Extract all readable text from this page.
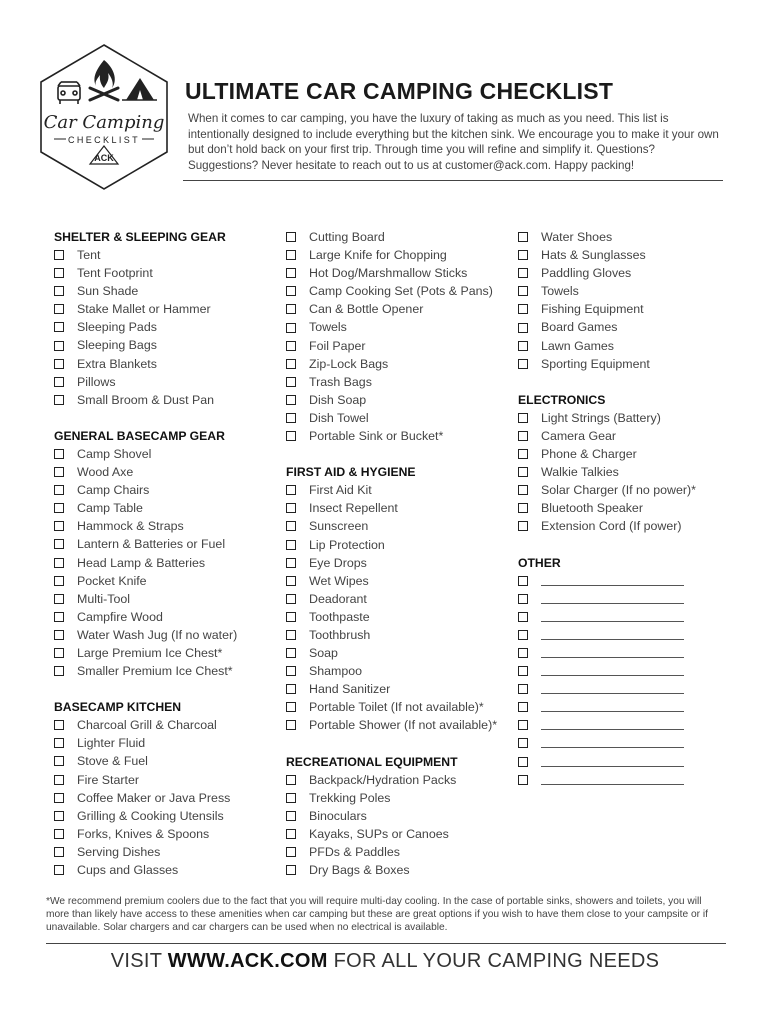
Car Camping
CHECKLIST
ACK
ULTIMATE CAR CAMPING CHECKLIST

When it comes to car camping, you have the luxury of taking as much as you need. This list is intentionally designed to include everything but the kitchen sink. We encourage you to make it your own but don’t hold back on your first trip. Through time you will refine and simplify it. Questions? Suggestions? Never hesitate to reach out to us at customer@ack.com. Happy packing!

SHELTER & SLEEPING GEAR
Tent
Tent Footprint
Sun Shade
Stake Mallet or Hammer
Sleeping Pads
Sleeping Bags
Extra Blankets
Pillows
Small Broom & Dust Pan
GENERAL BASECAMP GEAR
Camp Shovel
Wood Axe
Camp Chairs
Camp Table
Hammock & Straps
Lantern & Batteries or Fuel
Head Lamp & Batteries
Pocket Knife
Multi-Tool
Campfire Wood
Water Wash Jug (If no water)
Large Premium Ice Chest*
Smaller Premium Ice Chest*
BASECAMP KITCHEN
Charcoal Grill & Charcoal
Lighter Fluid
Stove & Fuel
Fire Starter
Coffee Maker or Java Press
Grilling & Cooking Utensils
Forks, Knives & Spoons
Serving Dishes
Cups and Glasses
Cutting Board
Large Knife for Chopping
Hot Dog/Marshmallow Sticks
Camp Cooking Set (Pots & Pans)
Can & Bottle Opener
Towels
Foil Paper
Zip-Lock Bags
Trash Bags
Dish Soap
Dish Towel
Portable Sink or Bucket*
FIRST AID & HYGIENE
First Aid Kit
Insect Repellent
Sunscreen
Lip Protection
Eye Drops
Wet Wipes
Deadorant
Toothpaste
Toothbrush
Soap
Shampoo
Hand Sanitizer
Portable Toilet (If not available)*
Portable Shower (If not available)*
RECREATIONAL EQUIPMENT
Backpack/Hydration Packs
Trekking Poles
Binoculars
Kayaks, SUPs or Canoes
PFDs & Paddles
Dry Bags & Boxes
Water Shoes
Hats & Sunglasses
Paddling Gloves
Towels
Fishing Equipment
Board Games
Lawn Games
Sporting Equipment
ELECTRONICS
Light Strings (Battery)
Camera Gear
Phone & Charger
Walkie Talkies
Solar Charger (If no power)*
Bluetooth Speaker
Extension Cord (If power)
OTHER

*We recommend premium coolers due to the fact that you will require multi-day cooling. In the case of portable sinks, showers and toilets, you will more than likely have access to these amenities when car camping but these are great options if you wish to have them close to your campsite or if unavailable. Solar chargers and car chargers can be used when no electrical is available.

VISIT WWW.ACK.COM FOR ALL YOUR CAMPING NEEDS
